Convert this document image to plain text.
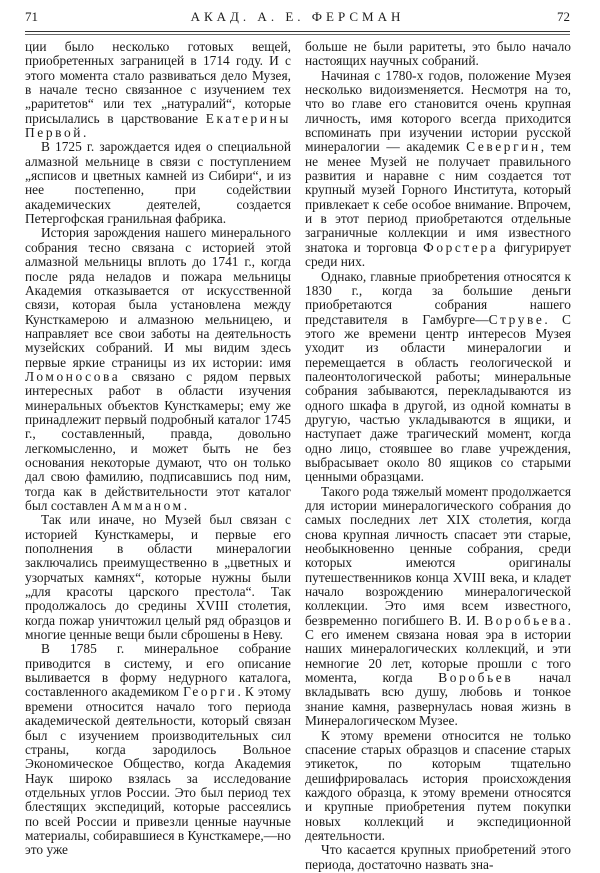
71	АКАД. А. Е. ФЕРСМАН	72

ции было несколько готовых вещей, приобретенных заграницей в 1714 году. И с этого момента стало развиваться дело Музея, в начале тесно связанное с изучением тех „раритетов“ или тех „натуралий“, которые присылались в царствование Екатерины Первой.

В 1725 г. зарождается идея о специальной алмазной мельнице в связи с поступлением „ясписов и цветных камней из Сибири“, и из нее постепенно, при содействии академических деятелей, создается Петергофская гранильная фабрика.

История зарождения нашего минерального собрания тесно связана с историей этой алмазной мельницы вплоть до 1741 г., когда после ряда неладов и пожара мельницы Академия отказывается от искусственной связи, которая была установлена между Кунсткамерою и алмазною мельницею, и направляет все свои заботы на деятельность музейских собраний. И мы видим здесь первые яркие страницы из их истории: имя Ломоносова связано с рядом первых интересных работ в области изучения минеральных объектов Кунсткамеры; ему же принадлежит первый подробный каталог 1745 г., составленный, правда, довольно легкомысленно, и может быть не без основания некоторые думают, что он только дал свою фамилию, подписавшись под ним, тогда как в действительности этот каталог был составлен Амманом.

Так или иначе, но Музей был связан с историей Кунсткамеры, и первые его пополнения в области минералогии заключались преимущественно в „цветных и узорчатых камнях“, которые нужны были „для красоты царского престола“. Так продолжалось до средины XVIII столетия, когда пожар уничтожил целый ряд образцов и многие ценные вещи были сброшены в Неву.

В 1785 г. минеральное собрание приводится в систему, и его описание выливается в форму недурного каталога, составленного академиком Георги. К этому времени относится начало того периода академической деятельности, который связан был с изучением производительных сил страны, когда зародилось Вольное Экономическое Общество, когда Академия Наук широко взялась за исследование отдельных углов России. Это был период тех блестящих экспедиций, которые рассеялись по всей России и привезли ценные научные материалы, собиравшиеся в Кунсткамере,—но это уже

больше не были раритеты, это было начало настоящих научных собраний.

Начиная с 1780-х годов, положение Музея несколько видоизменяется. Несмотря на то, что во главе его становится очень крупная личность, имя которого всегда приходится вспоминать при изучении истории русской минералогии — академик Севергин, тем не менее Музей не получает правильного развития и наравне с ним создается тот крупный музей Горного Института, который привлекает к себе особое внимание. Впрочем, и в этот период приобретаются отдельные заграничные коллекции и имя известного знатока и торговца Форстера фигурирует среди них.

Однако, главные приобретения относятся к 1830 г., когда за большие деньги приобретаются собрания нашего представителя в Гамбурге—Струве. С этого же времени центр интересов Музея уходит из области минералогии и перемещается в область геологической и палеонтологической работы; минеральные собрания забываются, перекладываются из одного шкафа в другой, из одной комнаты в другую, частью укладываются в ящики, и наступает даже трагический момент, когда одно лицо, стоявшее во главе учреждения, выбрасывает около 80 ящиков со старыми ценными образцами.

Такого рода тяжелый момент продолжается для истории минералогического собрания до самых последних лет XIX столетия, когда снова крупная личность спасает эти старые, необыкновенно ценные собрания, среди которых имеются оригиналы путешественников конца XVIII века, и кладет начало возрождению минералогической коллекции. Это имя всем известного, безвременно погибшего В. И. Воробьева. С его именем связана новая эра в истории наших минералогических коллекций, и эти немногие 20 лет, которые прошли с того момента, когда Воробьев начал вкладывать всю душу, любовь и тонкое знание камня, развернулась новая жизнь в Минералогическом Музее.

К этому времени относится не только спасение старых образцов и спасение старых этикеток, по которым тщательно дешифрировалась история происхождения каждого образца, к этому времени относятся и крупные приобретения путем покупки новых коллекций и экспедиционной деятельности.

Что касается крупных приобретений этого периода, достаточно назвать зна-
